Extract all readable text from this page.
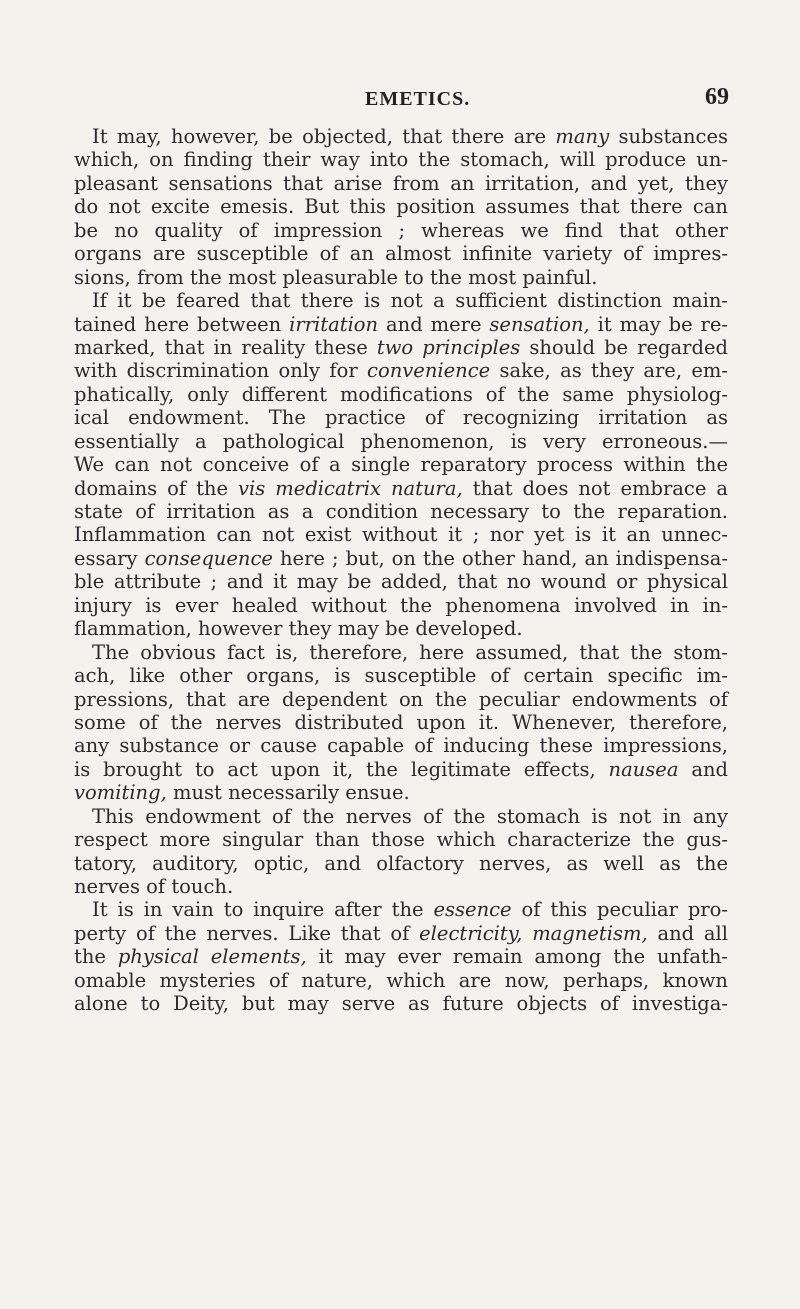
EMETICS.	69
It may, however, be objected, that there are many substances
which, on finding their way into the stomach, will produce un-
pleasant sensations that arise from an irritation, and yet, they
do not excite emesis. But this position assumes that there can
be no quality of impression ; whereas we find that other
organs are susceptible of an almost infinite variety of impres-
sions, from the most pleasurable to the most painful.
If it be feared that there is not a sufficient distinction main-
tained here between irritation and mere sensation, it may be re-
marked, that in reality these two principles should be regarded
with discrimination only for convenience sake, as they are, em-
phatically, only different modifications of the same physiolog-
ical endowment. The practice of recognizing irritation as
essentially a pathological phenomenon, is very erroneous.—
We can not conceive of a single reparatory process within the
domains of the vis medicatrix natura, that does not embrace a
state of irritation as a condition necessary to the reparation.
Inflammation can not exist without it ; nor yet is it an unnec-
essary consequence here ; but, on the other hand, an indispensa-
ble attribute ; and it may be added, that no wound or physical
injury is ever healed without the phenomena involved in in-
flammation, however they may be developed.
The obvious fact is, therefore, here assumed, that the stom-
ach, like other organs, is susceptible of certain specific im-
pressions, that are dependent on the peculiar endowments of
some of the nerves distributed upon it. Whenever, therefore,
any substance or cause capable of inducing these impressions,
is brought to act upon it, the legitimate effects, nausea and
vomiting, must necessarily ensue.
This endowment of the nerves of the stomach is not in any
respect more singular than those which characterize the gus-
tatory, auditory, optic, and olfactory nerves, as well as the
nerves of touch.
It is in vain to inquire after the essence of this peculiar pro-
perty of the nerves. Like that of electricity, magnetism, and all
the physical elements, it may ever remain among the unfath-
omable mysteries of nature, which are now, perhaps, known
alone to Deity, but may serve as future objects of investiga-
